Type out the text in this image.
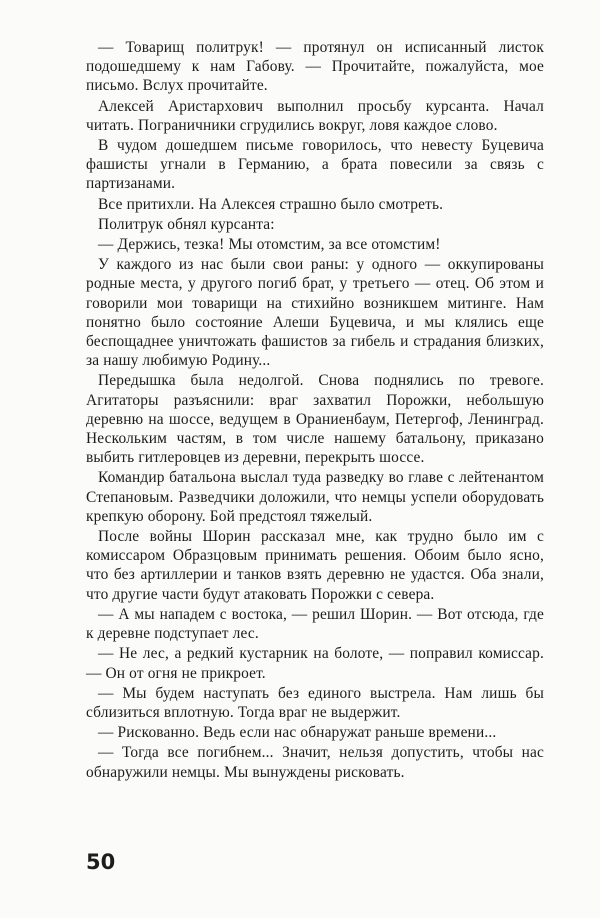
— Товарищ политрук! — протянул он исписанный листок подошедшему к нам Габову. — Прочитайте, пожалуйста, мое письмо. Вслух прочитайте.

Алексей Аристархович выполнил просьбу курсанта. Начал читать. Пограничники сгрудились вокруг, ловя каждое слово.

В чудом дошедшем письме говорилось, что невесту Буцевича фашисты угнали в Германию, а брата повесили за связь с партизанами.

Все притихли. На Алексея страшно было смотреть.

Политрук обнял курсанта:

— Держись, тезка! Мы отомстим, за все отомстим!

У каждого из нас были свои раны: у одного — оккупированы родные места, у другого погиб брат, у третьего — отец. Об этом и говорили мои товарищи на стихийно возникшем митинге. Нам понятно было состояние Алеши Буцевича, и мы клялись еще беспощаднее уничтожать фашистов за гибель и страдания близких, за нашу любимую Родину...

Передышка была недолгой. Снова поднялись по тревоге. Агитаторы разъяснили: враг захватил Порожки, небольшую деревню на шоссе, ведущем в Ораниенбаум, Петергоф, Ленинград. Нескольким частям, в том числе нашему батальону, приказано выбить гитлеровцев из деревни, перекрыть шоссе.

Командир батальона выслал туда разведку во главе с лейтенантом Степановым. Разведчики доложили, что немцы успели оборудовать крепкую оборону. Бой предстоял тяжелый.

После войны Шорин рассказал мне, как трудно было им с комиссаром Образцовым принимать решения. Обоим было ясно, что без артиллерии и танков взять деревню не удастся. Оба знали, что другие части будут атаковать Порожки с севера.

— А мы нападем с востока, — решил Шорин. — Вот отсюда, где к деревне подступает лес.

— Не лес, а редкий кустарник на болоте, — поправил комиссар. — Он от огня не прикроет.

— Мы будем наступать без единого выстрела. Нам лишь бы сблизиться вплотную. Тогда враг не выдержит.

— Рискованно. Ведь если нас обнаружат раньше времени...

— Тогда все погибнем... Значит, нельзя допустить, чтобы нас обнаружили немцы. Мы вынуждены рисковать.

50
